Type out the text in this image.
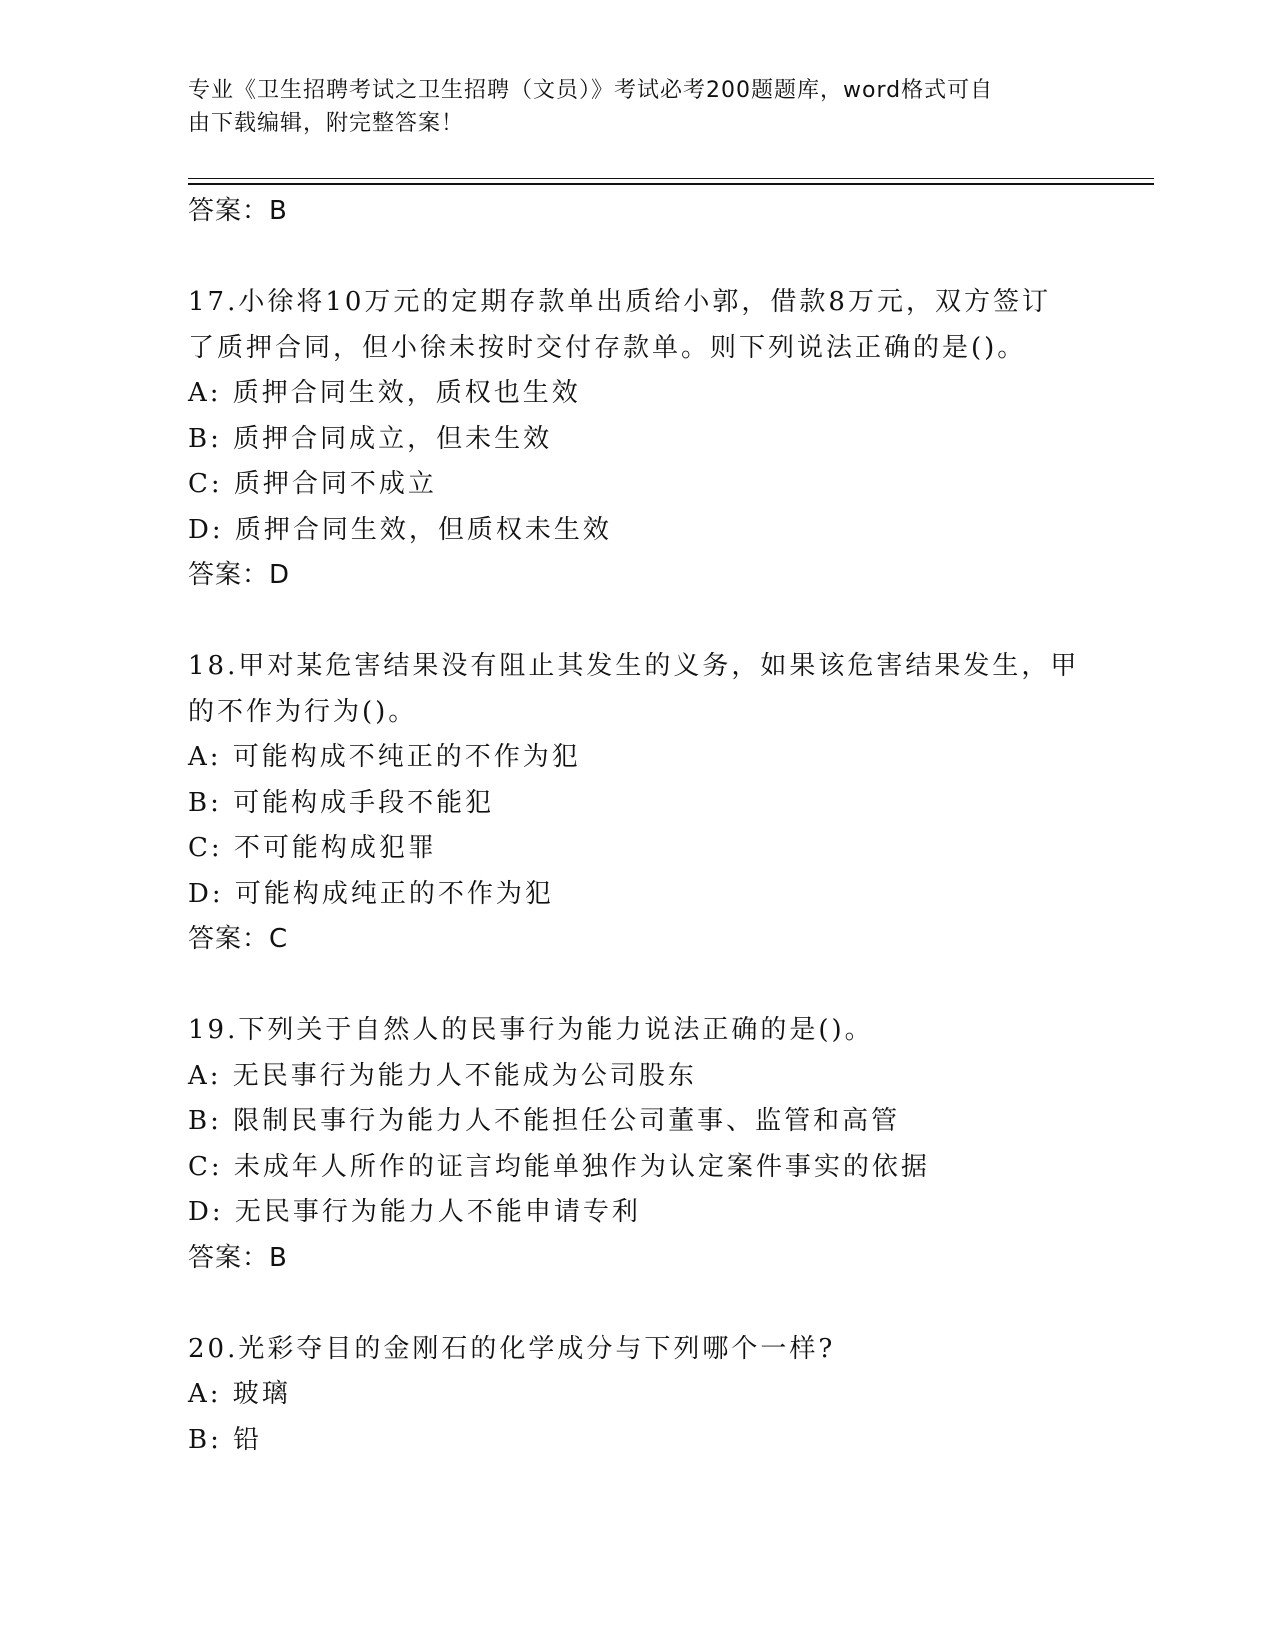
专业《卫生招聘考试之卫生招聘（文员）》考试必考200题题库，word格式可自
由下载编辑，附完整答案！
答案：B
17.小徐将10万元的定期存款单出质给小郭，借款8万元，双方签订
了质押合同，但小徐未按时交付存款单。则下列说法正确的是()。
A: 质押合同生效，质权也生效
B: 质押合同成立，但未生效
C: 质押合同不成立
D: 质押合同生效，但质权未生效
答案：D
18.甲对某危害结果没有阻止其发生的义务，如果该危害结果发生，甲
的不作为行为()。
A: 可能构成不纯正的不作为犯
B: 可能构成手段不能犯
C: 不可能构成犯罪
D: 可能构成纯正的不作为犯
答案：C
19.下列关于自然人的民事行为能力说法正确的是()。
A: 无民事行为能力人不能成为公司股东
B: 限制民事行为能力人不能担任公司董事、监管和高管
C: 未成年人所作的证言均能单独作为认定案件事实的依据
D: 无民事行为能力人不能申请专利
答案：B
20.光彩夺目的金刚石的化学成分与下列哪个一样?
A: 玻璃
B: 铅
